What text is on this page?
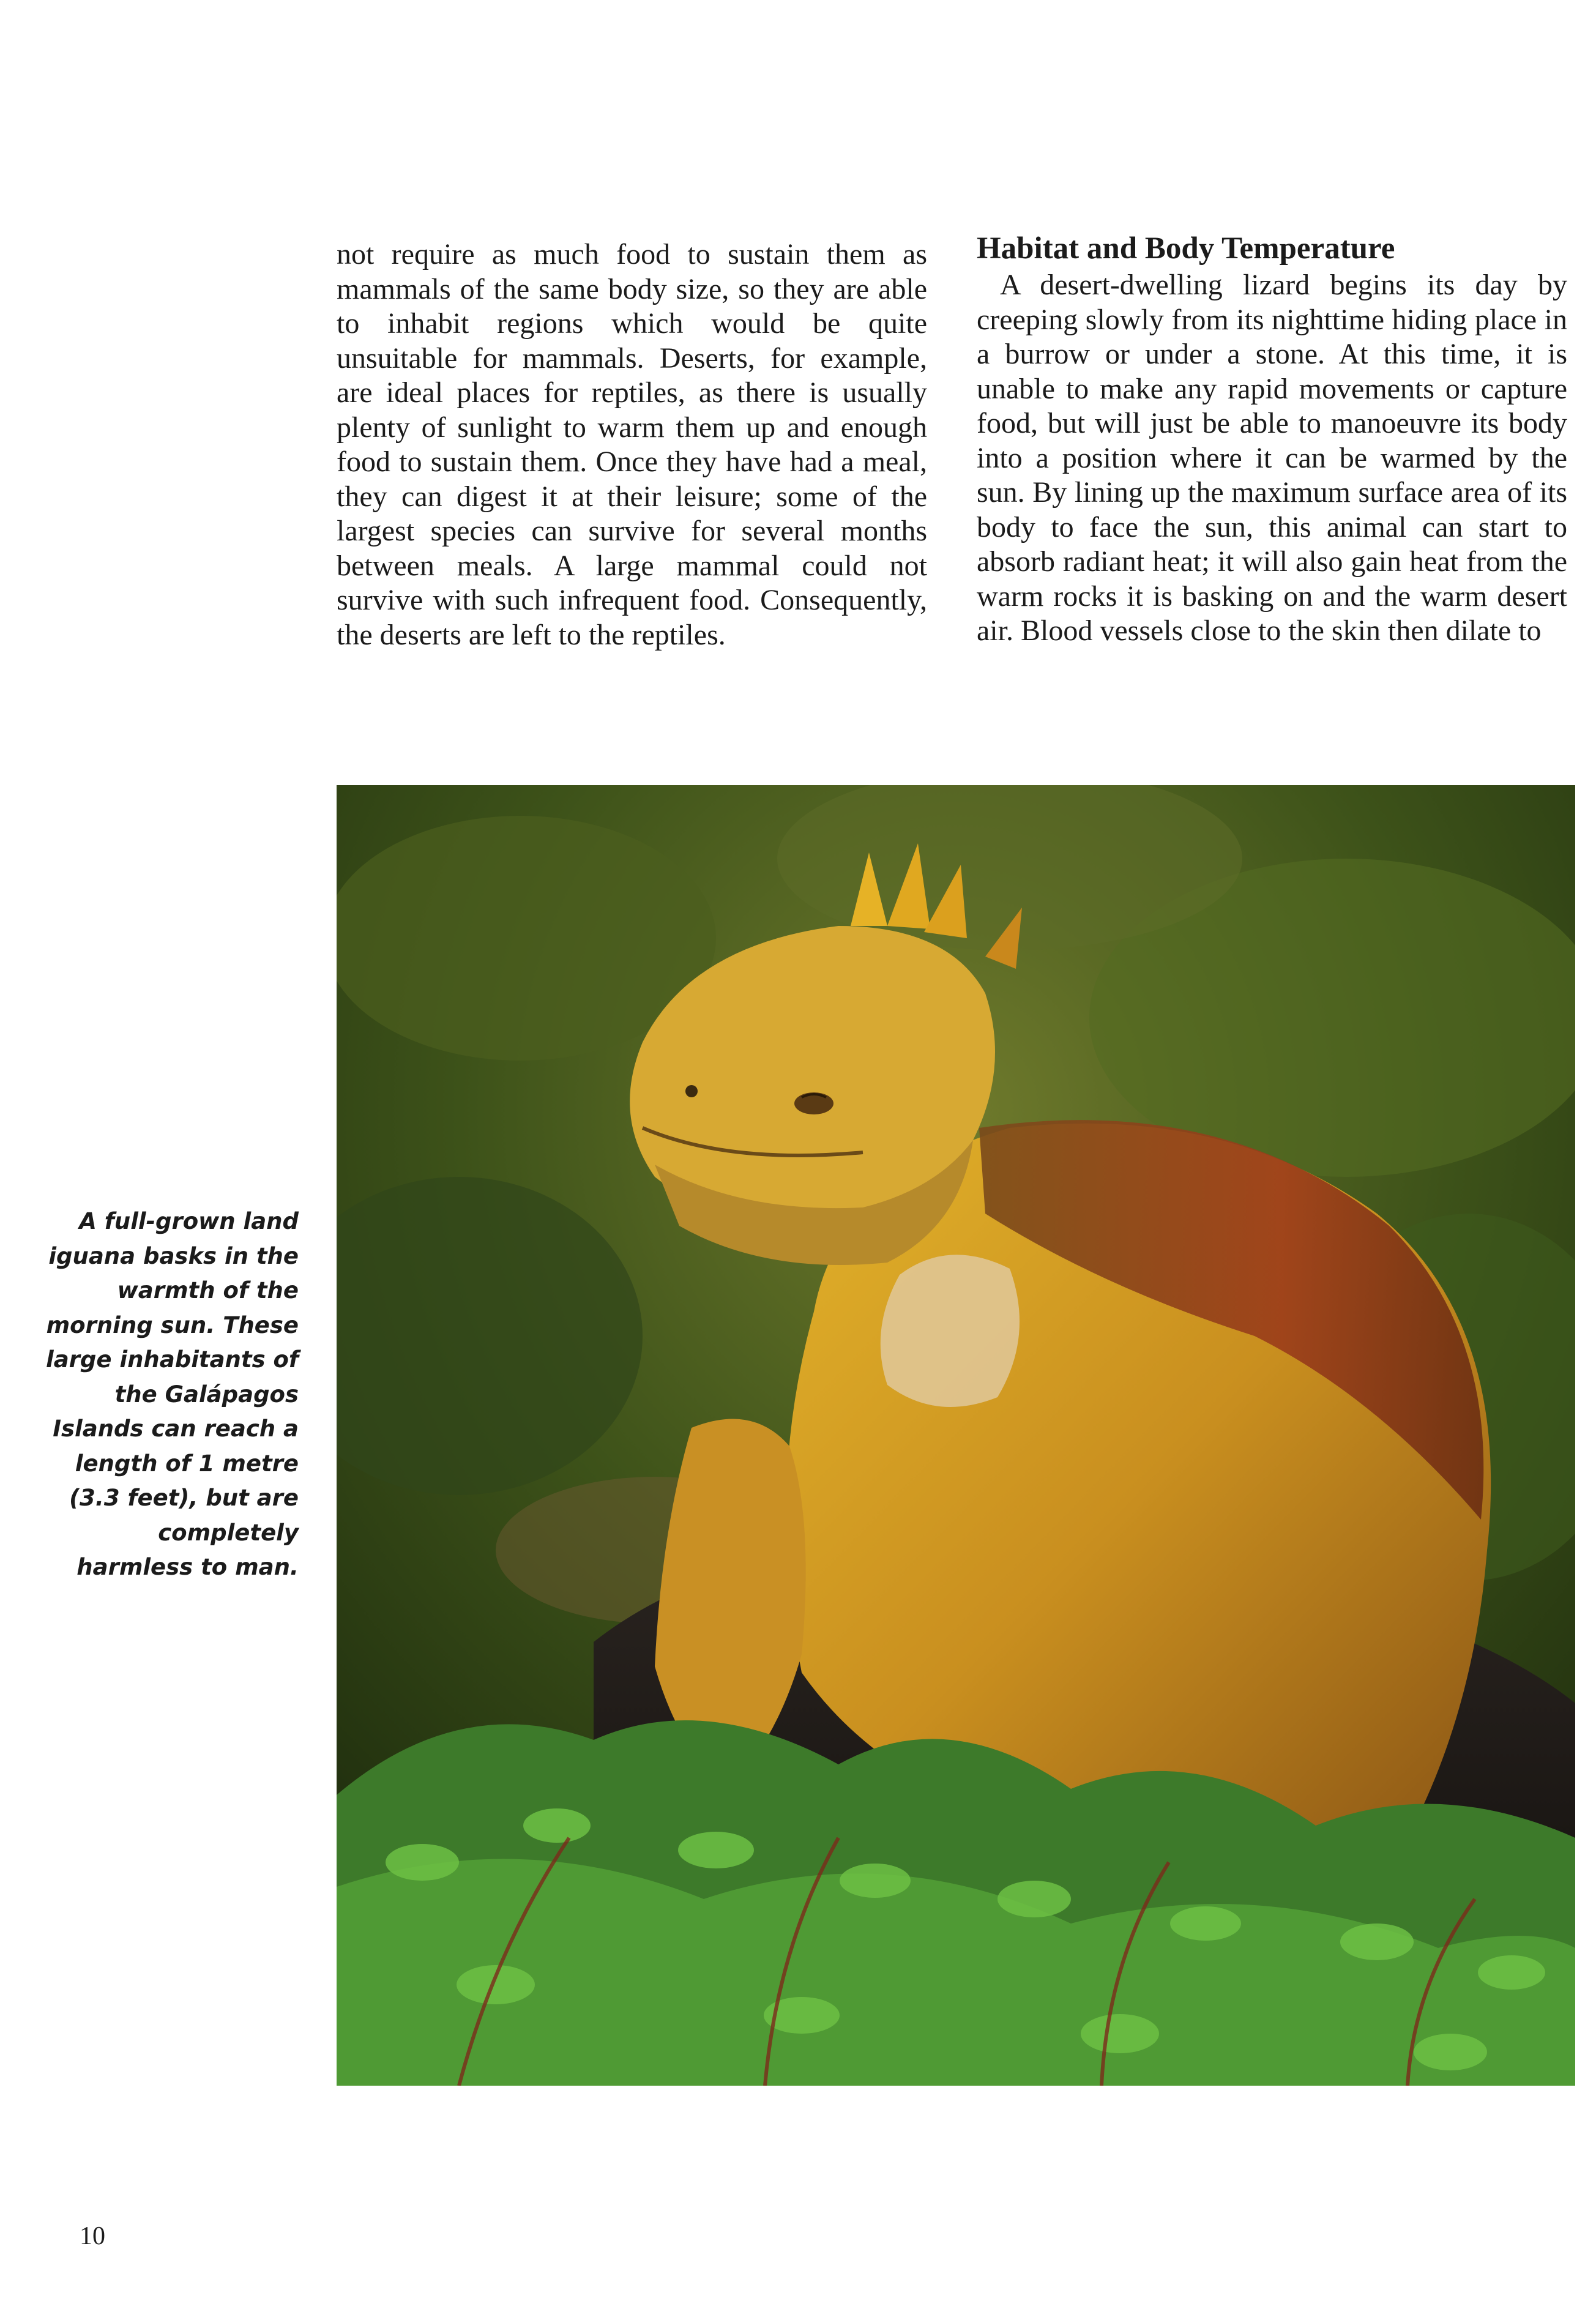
not require as much food to sustain them as mammals of the same body size, so they are able to inhabit regions which would be quite unsuitable for mammals. Deserts, for example, are ideal places for reptiles, as there is usually plenty of sunlight to warm them up and enough food to sustain them. Once they have had a meal, they can digest it at their leisure; some of the largest species can survive for several months between meals. A large mammal could not survive with such infrequent food. Consequently, the deserts are left to the reptiles.

Habitat and Body Temperature

A desert-dwelling lizard begins its day by creeping slowly from its nighttime hiding place in a burrow or under a stone. At this time, it is unable to make any rapid movements or capture food, but will just be able to manoeuvre its body into a position where it can be warmed by the sun. By lining up the maximum surface area of its body to face the sun, this animal can start to absorb radiant heat; it will also gain heat from the warm rocks it is basking on and the warm desert air. Blood vessels close to the skin then dilate to

A full-grown land iguana basks in the warmth of the morning sun. These large inhabitants of the Galápagos Islands can reach a length of 1 metre (3.3 feet), but are completely harmless to man.
10
